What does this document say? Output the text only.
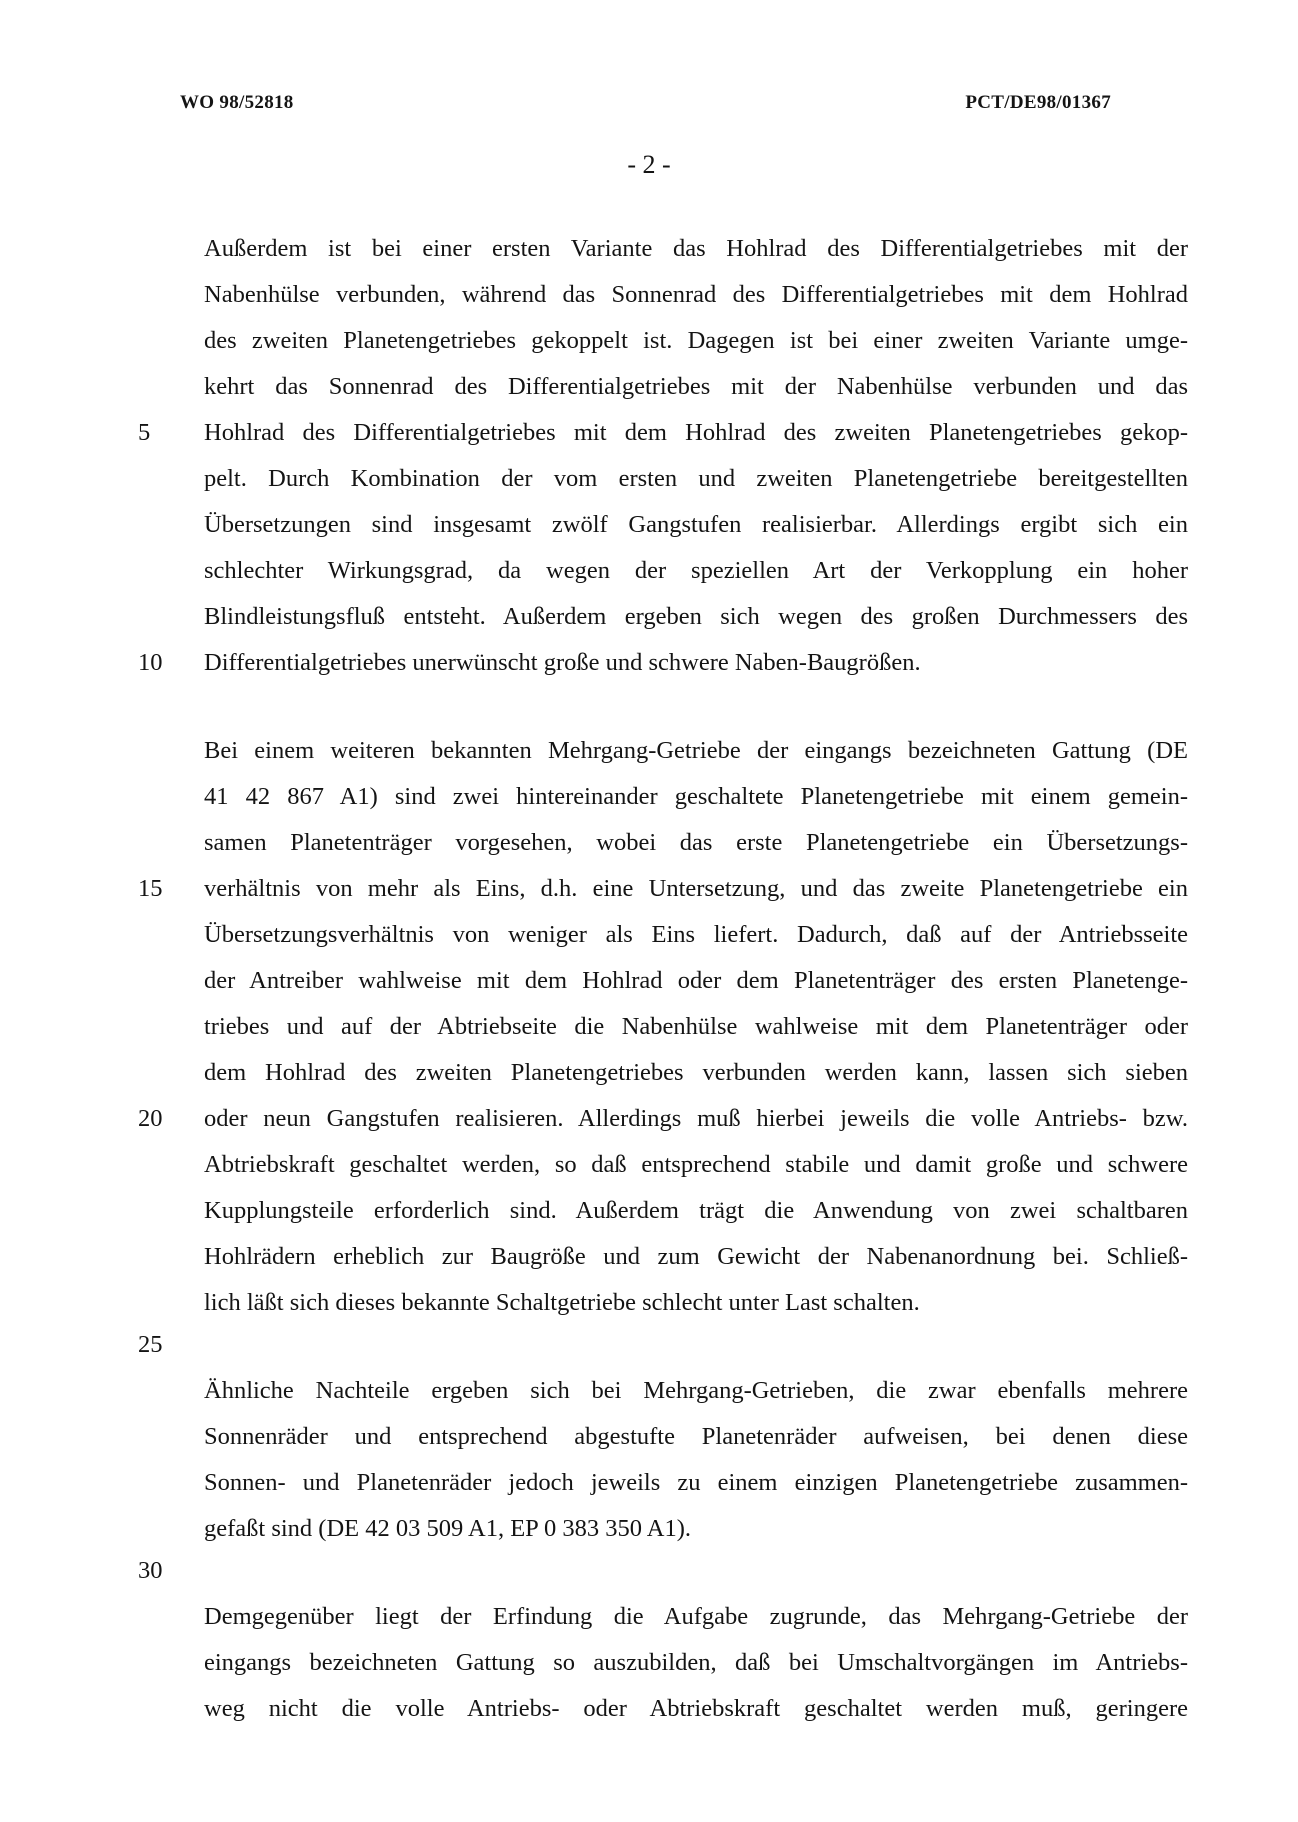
WO 98/52818	PCT/DE98/01367
- 2 -
Außerdem ist bei einer ersten Variante das Hohlrad des Differentialgetriebes mit der
Nabenhülse verbunden, während das Sonnenrad des Differentialgetriebes mit dem Hohlrad
des zweiten Planetengetriebes gekoppelt ist. Dagegen ist bei einer zweiten Variante umge-
kehrt das Sonnenrad des Differentialgetriebes mit der Nabenhülse verbunden und das
Hohlrad des Differentialgetriebes mit dem Hohlrad des zweiten Planetengetriebes gekop-
pelt. Durch Kombination der vom ersten und zweiten Planetengetriebe bereitgestellten
Übersetzungen sind insgesamt zwölf Gangstufen realisierbar. Allerdings ergibt sich ein
schlechter Wirkungsgrad, da wegen der speziellen Art der Verkopplung ein hoher
Blindleistungsfluß entsteht. Außerdem ergeben sich wegen des großen Durchmessers des
Differentialgetriebes unerwünscht große und schwere Naben-Baugrößen.
Bei einem weiteren bekannten Mehrgang-Getriebe der eingangs bezeichneten Gattung (DE
41 42 867 A1) sind zwei hintereinander geschaltete Planetengetriebe mit einem gemein-
samen Planetenträger vorgesehen, wobei das erste Planetengetriebe ein Übersetzungs-
verhältnis von mehr als Eins, d.h. eine Untersetzung, und das zweite Planetengetriebe ein
Übersetzungsverhältnis von weniger als Eins liefert. Dadurch, daß auf der Antriebsseite
der Antreiber wahlweise mit dem Hohlrad oder dem Planetenträger des ersten Planetenge-
triebes und auf der Abtriebseite die Nabenhülse wahlweise mit dem Planetenträger oder
dem Hohlrad des zweiten Planetengetriebes verbunden werden kann, lassen sich sieben
oder neun Gangstufen realisieren. Allerdings muß hierbei jeweils die volle Antriebs- bzw.
Abtriebskraft geschaltet werden, so daß entsprechend stabile und damit große und schwere
Kupplungsteile erforderlich sind. Außerdem trägt die Anwendung von zwei schaltbaren
Hohlrädern erheblich zur Baugröße und zum Gewicht der Nabenanordnung bei. Schließ-
lich läßt sich dieses bekannte Schaltgetriebe schlecht unter Last schalten.
Ähnliche Nachteile ergeben sich bei Mehrgang-Getrieben, die zwar ebenfalls mehrere
Sonnenräder und entsprechend abgestufte Planetenräder aufweisen, bei denen diese
Sonnen- und Planetenräder jedoch jeweils zu einem einzigen Planetengetriebe zusammen-
gefaßt sind (DE 42 03 509 A1, EP 0 383 350 A1).
Demgegenüber liegt der Erfindung die Aufgabe zugrunde, das Mehrgang-Getriebe der
eingangs bezeichneten Gattung so auszubilden, daß bei Umschaltvorgängen im Antriebs-
weg nicht die volle Antriebs- oder Abtriebskraft geschaltet werden muß, geringere
5
10
15
20
25
30
